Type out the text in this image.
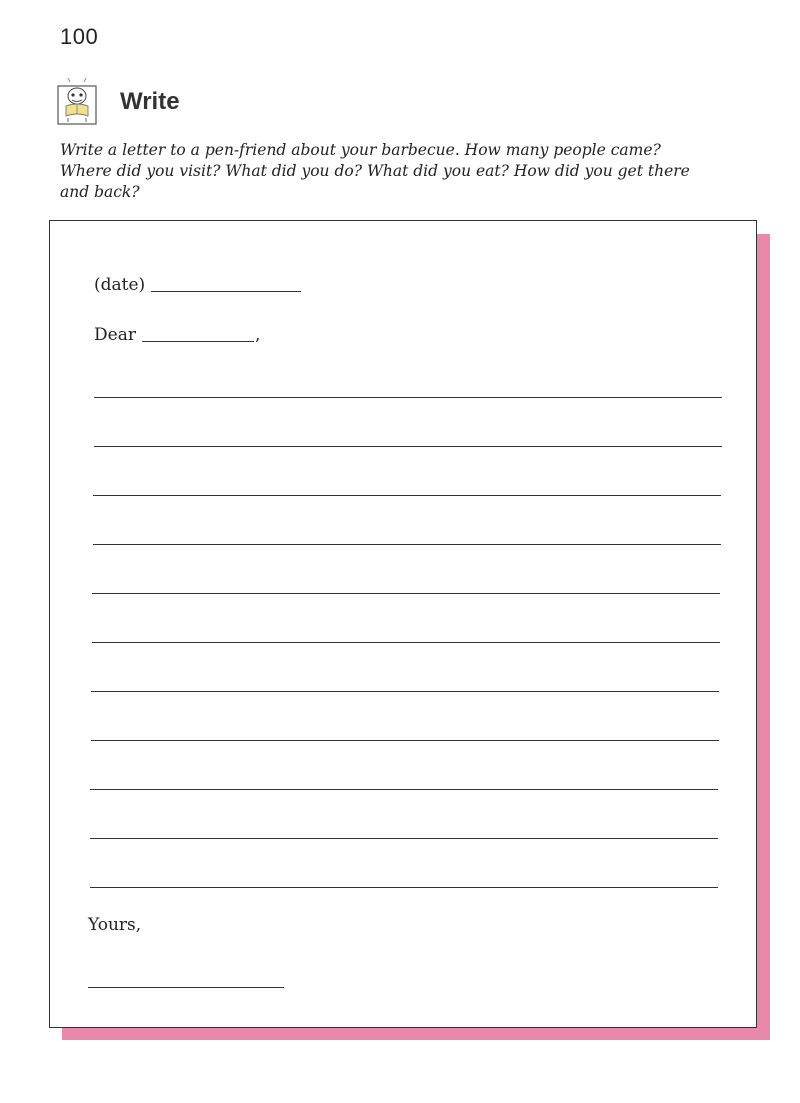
100
Write
Write a letter to a pen-friend about your barbecue. How many people came? Where did you visit? What did you do? What did you eat? How did you get there and back?
(date)
Dear	,
Yours,
